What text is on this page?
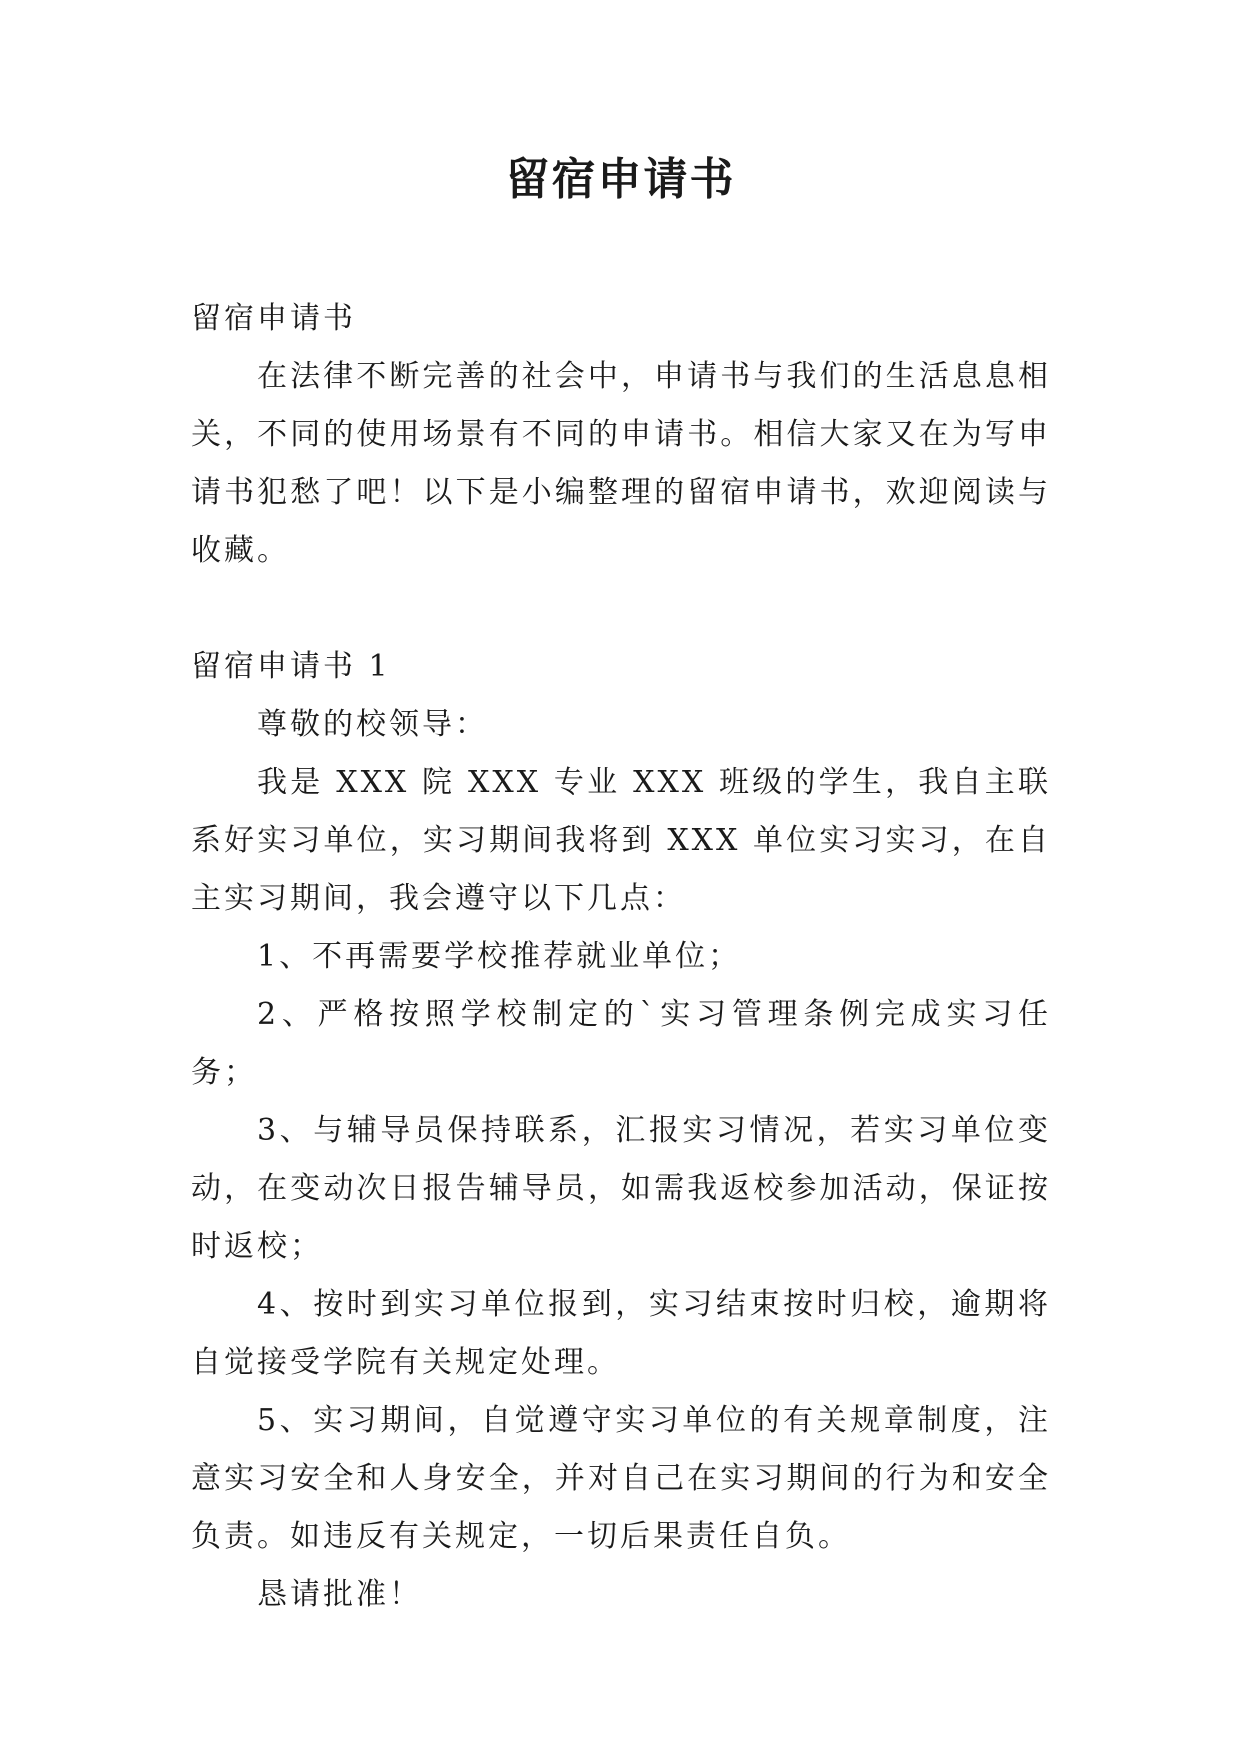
留宿申请书

留宿申请书

在法律不断完善的社会中，申请书与我们的生活息息相关，不同的使用场景有不同的申请书。相信大家又在为写申请书犯愁了吧！以下是小编整理的留宿申请书，欢迎阅读与收藏。

留宿申请书 1

尊敬的校领导：

我是 XXX 院 XXX 专业 XXX 班级的学生，我自主联系好实习单位，实习期间我将到 XXX 单位实习实习，在自主实习期间，我会遵守以下几点：

1、不再需要学校推荐就业单位；

2、严格按照学校制定的`实习管理条例完成实习任务；

3、与辅导员保持联系，汇报实习情况，若实习单位变动，在变动次日报告辅导员，如需我返校参加活动，保证按时返校；

4、按时到实习单位报到，实习结束按时归校，逾期将自觉接受学院有关规定处理。

5、实习期间，自觉遵守实习单位的有关规章制度，注意实习安全和人身安全，并对自己在实习期间的行为和安全负责。如违反有关规定，一切后果责任自负。

恳请批准！
